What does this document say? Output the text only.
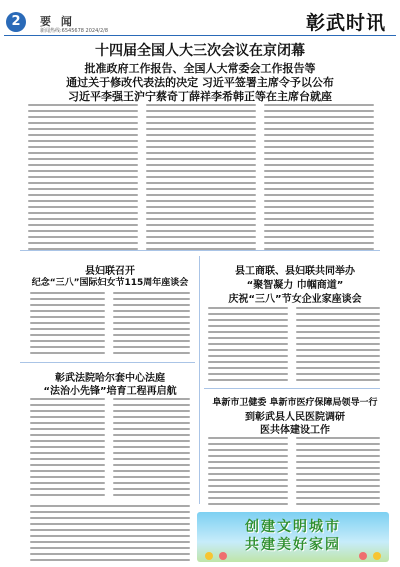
2	要 闻
新闻热线:6545678 2024/2/8	彰武时讯
十四届全国人大三次会议在京闭幕
批准政府工作报告、全国人大常委会工作报告等
通过关于修改代表法的决定 习近平签署主席令予以公布
习近平李强王沪宁蔡奇丁薛祥李希韩正等在主席台就座
县妇联召开
纪念“三八”国际妇女节115周年座谈会
县工商联、县妇联共同举办
“聚智凝力 巾帼商道”
庆祝“三八”节女企业家座谈会
彰武法院哈尔套中心法庭
“法治小先锋”培育工程再启航
阜新市卫健委 阜新市医疗保障局领导一行
到彰武县人民医院调研
医共体建设工作
创建文明城市
共建美好家园
